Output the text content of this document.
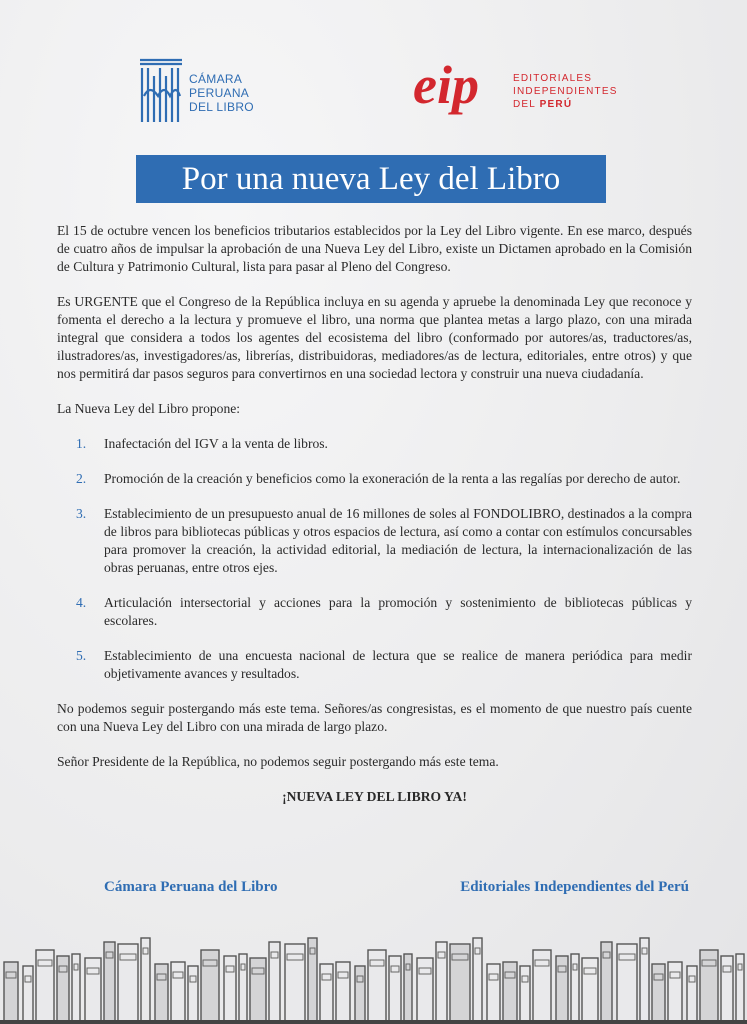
CÁMARA
PERUANA
DEL LIBRO	eip	EDITORIALES
INDEPENDIENTES
DEL PERÚ
Por una nueva Ley del Libro

El 15 de octubre vencen los beneficios tributarios establecidos por la Ley del Libro vigente. En ese marco, después de cuatro años de impulsar la aprobación de una Nueva Ley del Libro, existe un Dictamen aprobado en la Comisión de Cultura y Patrimonio Cultural, lista para pasar al Pleno del Congreso.

Es URGENTE que el Congreso de la República incluya en su agenda y apruebe la denominada Ley que reconoce y fomenta el derecho a la lectura y promueve el libro, una norma que plantea metas a largo plazo, con una mirada integral que considera a todos los agentes del ecosistema del libro (conformado por autores/as, traductores/as, ilustradores/as, investigadores/as, librerías, distribuidoras, mediadores/as de lectura, editoriales, entre otros) y que nos permitirá dar pasos seguros para convertirnos en una sociedad lectora y construir una nueva ciudadanía.

La Nueva Ley del Libro propone:

1.	Inafectación del IGV a la venta de libros.
2.	Promoción de la creación y beneficios como la exoneración de la renta a las regalías por derecho de autor.
3.	Establecimiento de un presupuesto anual de 16 millones de soles al FONDOLIBRO, destinados a la compra de libros para bibliotecas públicas y otros espacios de lectura, así como a contar con estímulos concursables para promover la creación, la actividad editorial, la mediación de lectura, la internacionalización de las obras peruanas, entre otros ejes.
4.	Articulación intersectorial y acciones para la promoción y sostenimiento de bibliotecas públicas y escolares.
5.	Establecimiento de una encuesta nacional de lectura que se realice de manera periódica para medir objetivamente avances y resultados.

No podemos seguir postergando más este tema. Señores/as congresistas, es el momento de que nuestro país cuente con una Nueva Ley del Libro con una mirada de largo plazo.

Señor Presidente de la República, no podemos seguir postergando más este tema.

¡NUEVA LEY DEL LIBRO YA!

Cámara Peruana del Libro	Editoriales Independientes del Perú
